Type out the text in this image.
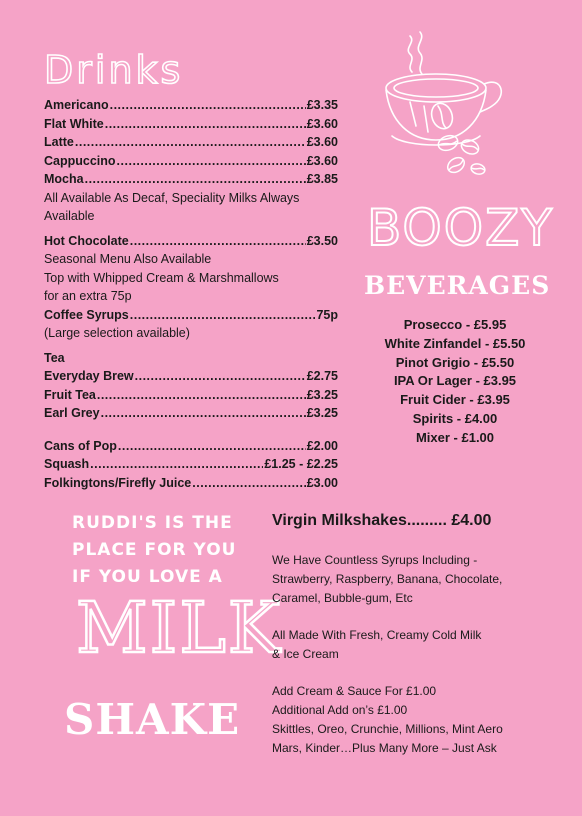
Drinks
Americano .....	£3.35
Flat White .....	£3.60
Latte .....	£3.60
Cappuccino .....	£3.60
Mocha .....	£3.85
All Available As Decaf, Speciality Milks Always Available
Hot Chocolate .....	£3.50
Seasonal Menu Also Available
Top with Whipped Cream & Marshmallows
for an extra 75p
Coffee Syrups .....	75p
(Large selection available)
Tea
Everyday Brew .....	£2.75
Fruit Tea .....	£3.25
Earl Grey .....	£3.25
Cans of Pop .....	£2.00
Squash .....	£1.25 - £2.25
Folkingtons/Firefly Juice .....	£3.00
BOOZY
BEVERAGES
Prosecco - £5.95
White Zinfandel - £5.50
Pinot Grigio - £5.50
IPA Or Lager - £3.95
Fruit Cider - £3.95
Spirits - £4.00
Mixer - £1.00
RUDDI'S IS THE
PLACE FOR YOU
IF YOU LOVE A
MILK
SHAKE
Virgin Milkshakes......... £4.00
We Have Countless Syrups Including -
Strawberry, Raspberry, Banana, Chocolate,
Caramel, Bubble-gum, Etc
All Made With Fresh, Creamy Cold Milk
& Ice Cream
Add Cream & Sauce For £1.00
Additional Add on’s £1.00
Skittles, Oreo, Crunchie, Millions, Mint Aero
Mars, Kinder…Plus Many More – Just Ask
